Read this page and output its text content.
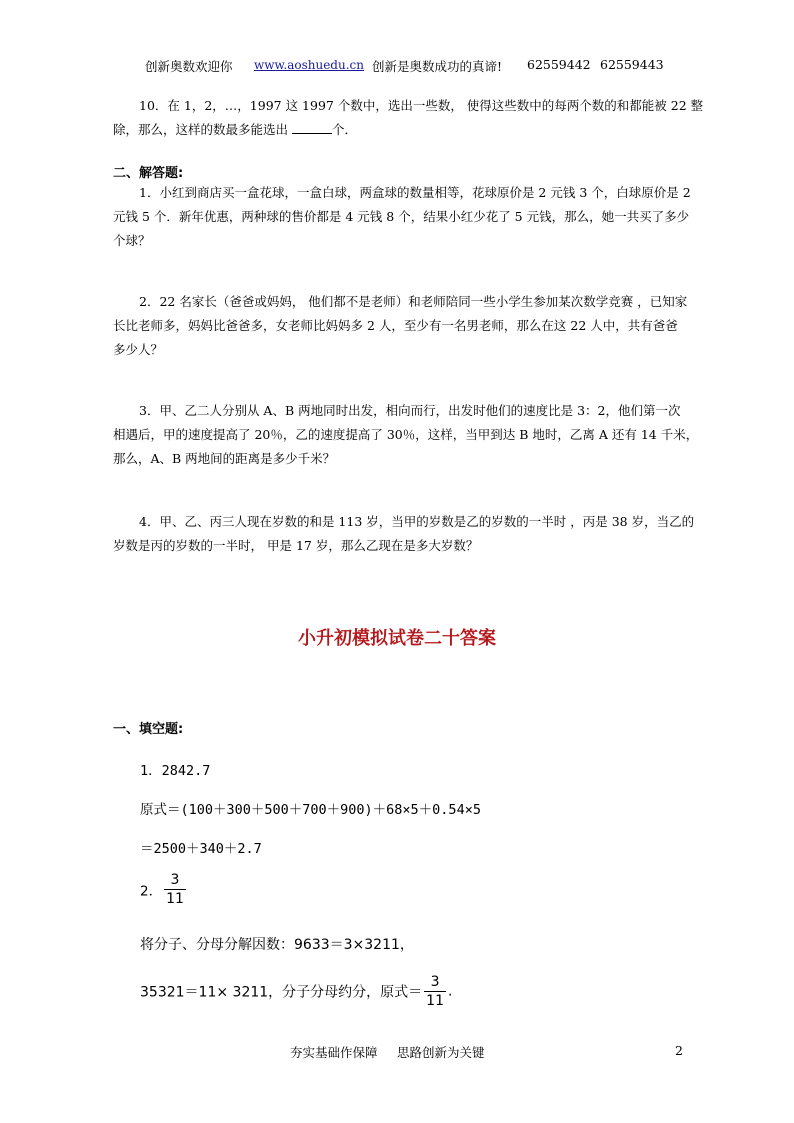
创新奥数欢迎你 www.aoshuedu.cn 创新是奥数成功的真谛! 62559442 62559443
10．在 1，2，…，1997 这 1997 个数中，选出一些数， 使得这些数中的每两个数的和都能被 22 整
除，那么，这样的数最多能选出	个．
二、解答题:
1．小红到商店买一盒花球，一盒白球，两盒球的数量相等，花球原价是 2 元钱 3 个，白球原价是 2
元钱 5 个．新年优惠，两种球的售价都是 4 元钱 8 个，结果小红少花了 5 元钱，那么，她一共买了多少
个球？
2．22 名家长（爸爸或妈妈， 他们都不是老师）和老师陪同一些小学生参加某次数学竞赛 ，已知家
长比老师多，妈妈比爸爸多，女老师比妈妈多 2 人，至少有一名男老师，那么在这 22 人中，共有爸爸
多少人？
3．甲、乙二人分别从 A、B 两地同时出发，相向而行，出发时他们的速度比是 3：2，他们第一次
相遇后，甲的速度提高了 20％，乙的速度提高了 30％，这样，当甲到达 B 地时，乙离 A 还有 14 千米，
那么，A、B 两地间的距离是多少千米？
4．甲、乙、丙三人现在岁数的和是 113 岁，当甲的岁数是乙的岁数的一半时 ，丙是 38 岁，当乙的
岁数是丙的岁数的一半时， 甲是 17 岁，那么乙现在是多大岁数？
小升初模拟试卷二十答案
一、填空题:
1．2842.7
原式＝(100＋300＋500＋700＋900)＋68×5＋0.54×5
＝2500＋340＋2.7
2． $\frac{3}{11}$
将分子、分母分解因数：9633＝3×3211，
35321＝11× 3211，分子分母约分，原式＝ $\frac{3}{11}$ .
夯实基础作保障 思路创新为关键	2
